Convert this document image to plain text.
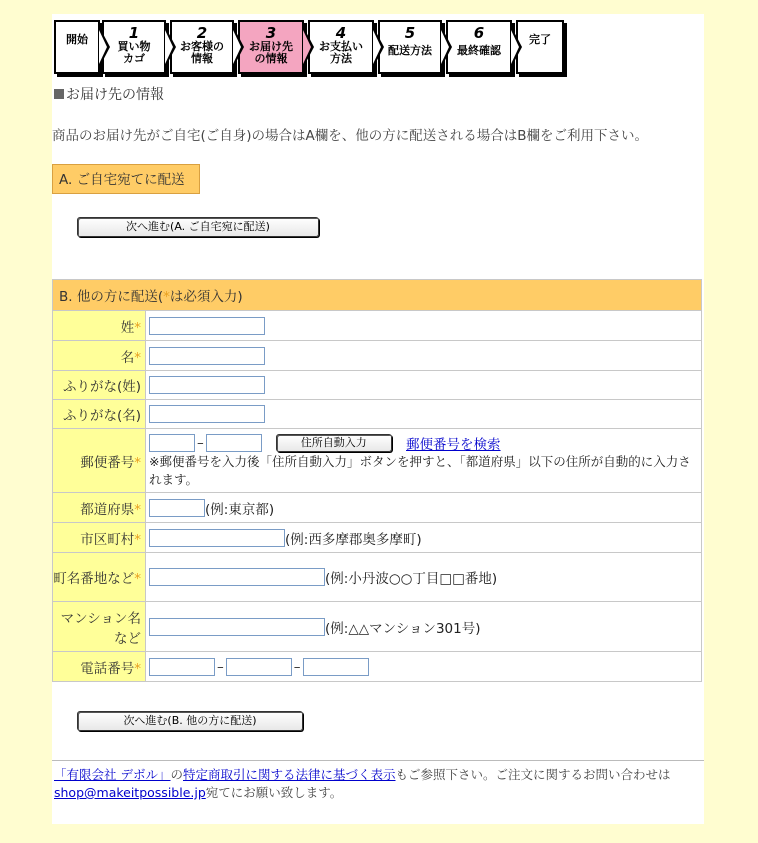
開始	1
買い物
カゴ
2
お客様の
情報
3
お届け先
の情報
4
お支払い
方法
5
配送方法
6
最終確認
完了
お届け先の情報
商品のお届け先がご自宅(ご自身)の場合はA欄を、他の方に配送される場合はB欄をご利用下さい。
A. ご自宅宛てに配送
次へ進む(A. ご自宅宛に配送)
B. 他の方に配送(*は必須入力)	
姓*	
名*	
ふりがな(姓)	
ふりがな(名)	
郵便番号*	– 住所自動入力 郵便番号を検索
※郵便番号を入力後「住所自動入力」ボタンを押すと、「都道府県」以下の住所が自動的に入力されます。

都道府県*	(例:東京都)
市区町村*	(例:西多摩郡奥多摩町)
町名番地など*	(例:小丹波○○丁目□□番地)
マンション名など	(例:△△マンション301号)
電話番号*	– –
次へ進む(B. 他の方に配送)
「有限会社 デボル」の特定商取引に関する法律に基づく表示もご参照下さい。ご注文に関するお問い合わせはshop@makeitpossible.jp宛てにお願い致します。
